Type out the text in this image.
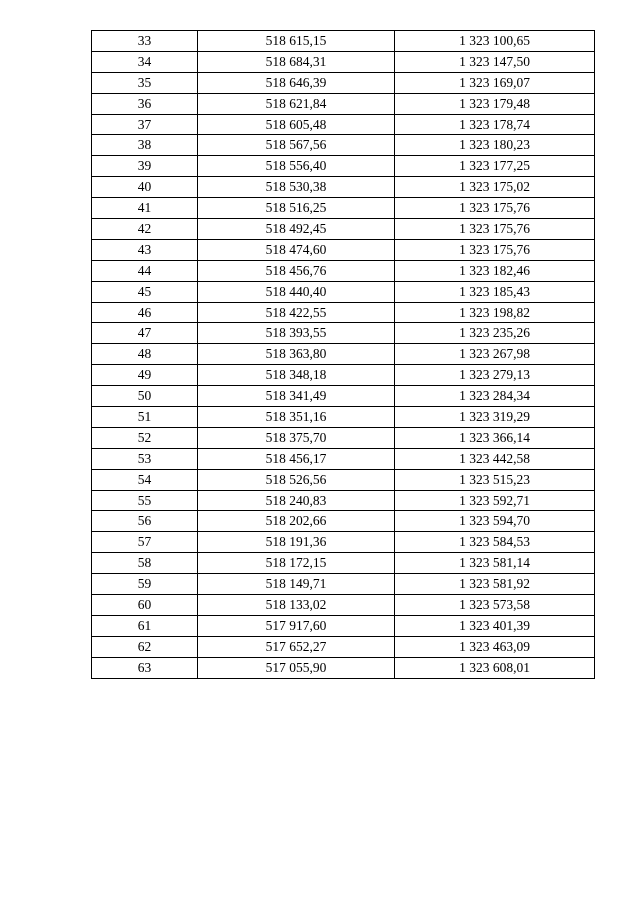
33	518 615,15	1 323 100,65
34	518 684,31	1 323 147,50
35	518 646,39	1 323 169,07
36	518 621,84	1 323 179,48
37	518 605,48	1 323 178,74
38	518 567,56	1 323 180,23
39	518 556,40	1 323 177,25
40	518 530,38	1 323 175,02
41	518 516,25	1 323 175,76
42	518 492,45	1 323 175,76
43	518 474,60	1 323 175,76
44	518 456,76	1 323 182,46
45	518 440,40	1 323 185,43
46	518 422,55	1 323 198,82
47	518 393,55	1 323 235,26
48	518 363,80	1 323 267,98
49	518 348,18	1 323 279,13
50	518 341,49	1 323 284,34
51	518 351,16	1 323 319,29
52	518 375,70	1 323 366,14
53	518 456,17	1 323 442,58
54	518 526,56	1 323 515,23
55	518 240,83	1 323 592,71
56	518 202,66	1 323 594,70
57	518 191,36	1 323 584,53
58	518 172,15	1 323 581,14
59	518 149,71	1 323 581,92
60	518 133,02	1 323 573,58
61	517 917,60	1 323 401,39
62	517 652,27	1 323 463,09
63	517 055,90	1 323 608,01
